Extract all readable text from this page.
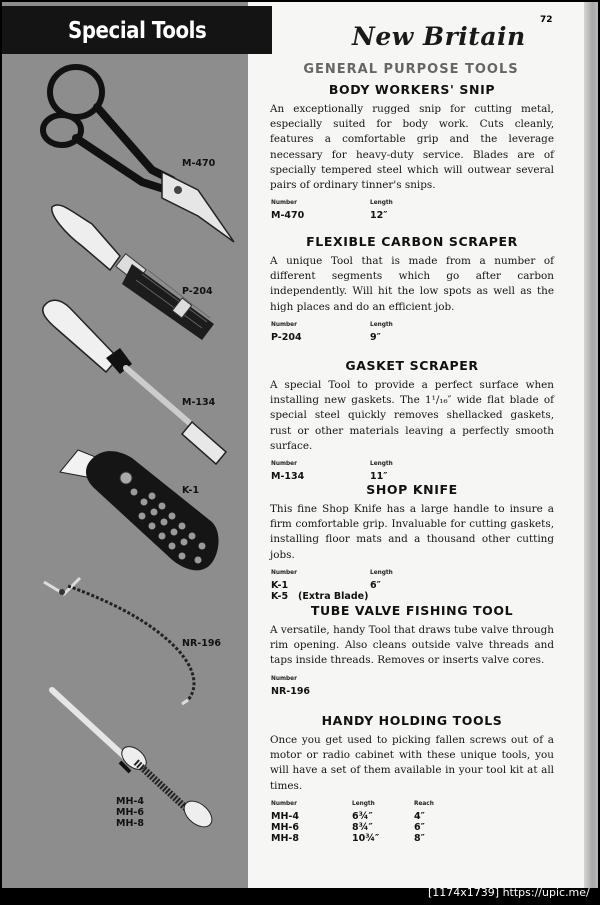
M-470
P-204
M-134
K-1
NR-196
MH-4
MH-6
MH-8
Special Tools	72
New Britain
GENERAL PURPOSE TOOLS
BODY WORKERS' SNIP

An exceptionally rugged snip for cutting metal, especially suited for body work. Cuts cleanly, features a comfortable grip and the leverage necessary for heavy-duty service. Blades are of specially tempered steel which will outwear several pairs of ordinary tinner's snips.

Number	Length
M-470	12″
FLEXIBLE CARBON SCRAPER

A unique Tool that is made from a number of different segments which go after carbon independently. Will hit the low spots as well as the high places and do an efficient job.

Number	Length
P-204	9″
GASKET SCRAPER

A special Tool to provide a perfect surface when installing new gaskets. The 1¹/₁₆″ wide flat blade of special steel quickly removes shellacked gaskets, rust or other materials leaving a perfectly smooth surface.

Number	Length
M-134	11″
SHOP KNIFE

This fine Shop Knife has a large handle to insure a firm comfortable grip. Invaluable for cutting gaskets, installing floor mats and a thousand other cutting jobs.

Number	Length
K-1	6″
K-5   (Extra Blade)
TUBE VALVE FISHING TOOL

A versatile, handy Tool that draws tube valve through rim opening. Also cleans outside valve threads and taps inside threads. Removes or inserts valve cores.

Number
NR-196
HANDY HOLDING TOOLS

Once you get used to picking fallen screws out of a motor or radio cabinet with these unique tools, you will have a set of them available in your tool kit at all times.

Number	Length	Reach
MH-4	6¾″	4″
MH-6	8¾″	6″
MH-8	10¾″	8″
[1174x1739] https://upic.me/
